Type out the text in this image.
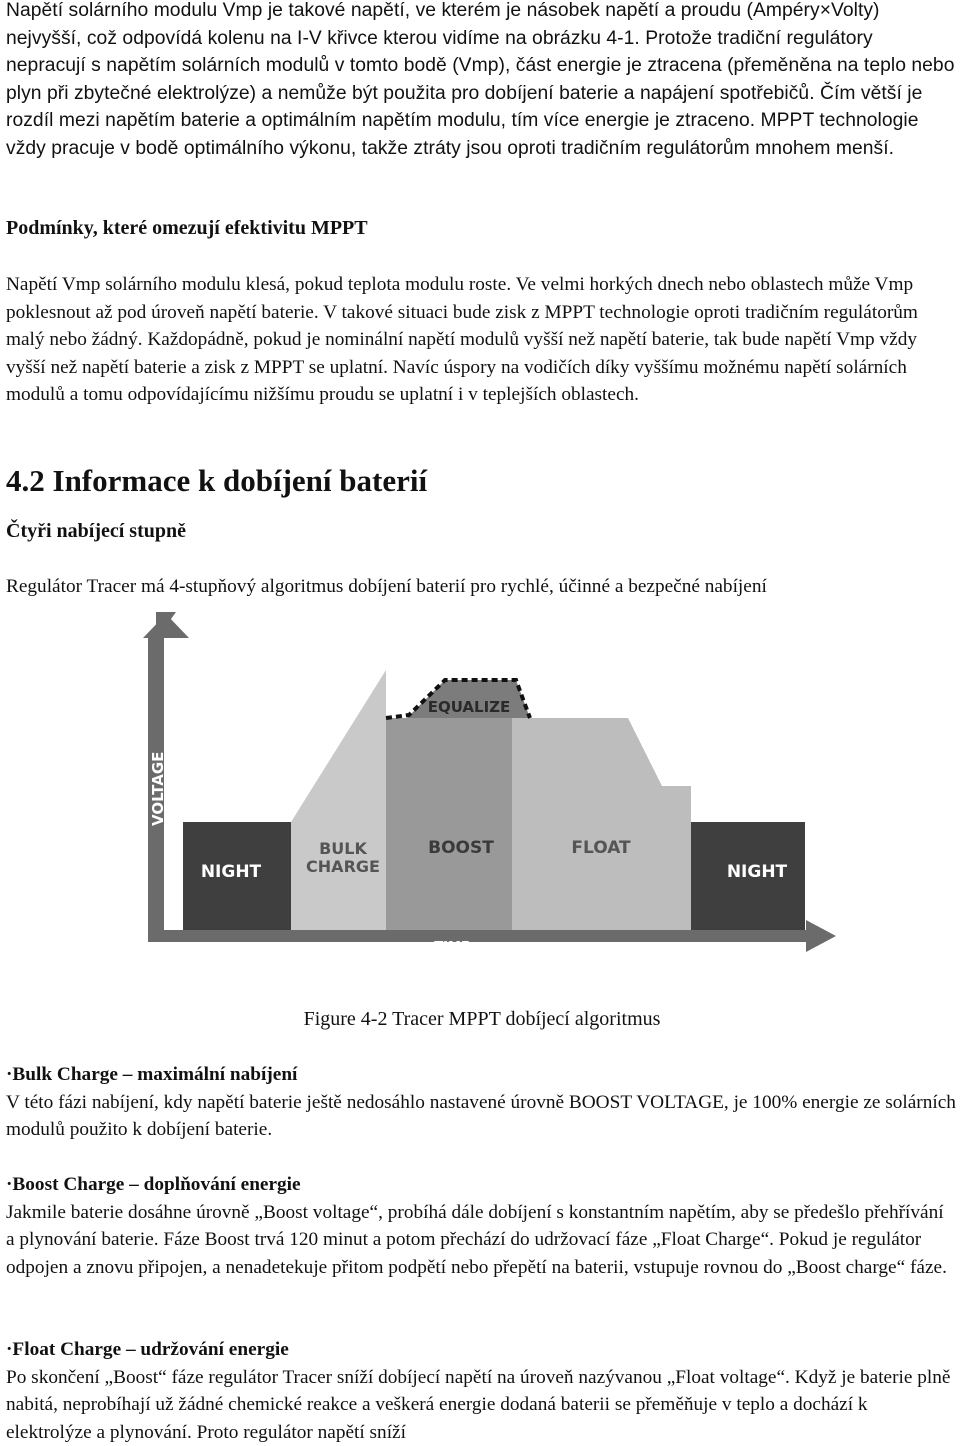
Napětí solárního modulu Vmp je takové napětí, ve kterém je násobek napětí a proudu (Ampéry×Volty) nejvyšší, což odpovídá kolenu na I-V křivce kterou vidíme na obrázku 4-1. Protože tradiční regulátory nepracují s napětím solárních modulů v tomto bodě (Vmp), část energie je ztracena (přeměněna na teplo nebo plyn při zbytečné elektrolýze) a nemůže být použita pro dobíjení baterie a napájení spotřebičů. Čím větší je rozdíl mezi napětím baterie a optimálním napětím modulu, tím více energie je ztraceno. MPPT technologie vždy pracuje v bodě optimálního výkonu, takže ztráty jsou oproti tradičním regulátorům mnohem menší.

Podmínky, které omezují efektivitu MPPT

Napětí Vmp solárního modulu klesá, pokud teplota modulu roste. Ve velmi horkých dnech nebo oblastech může Vmp poklesnout až pod úroveň napětí baterie. V takové situaci bude zisk z MPPT technologie oproti tradičním regulátorům malý nebo žádný. Každopádně, pokud je nominální napětí modulů vyšší než napětí baterie, tak bude napětí Vmp vždy vyšší než napětí baterie a zisk z MPPT se uplatní. Navíc úspory na vodičích díky vyššímu možnému napětí solárních modulů a tomu odpovídajícímu nižšímu proudu se uplatní i v teplejších oblastech.

4.2 Informace k dobíjení baterií
Čtyři nabíjecí stupně

Regulátor Tracer má 4-stupňový algoritmus dobíjení baterií pro rychlé, účinné a bezpečné nabíjení

VOLTAGE
TIME
NIGHT
BULK
CHARGE
BOOST	FLOAT
NIGHT
EQUALIZE

Figure 4-2 Tracer MPPT dobíjecí algoritmus

·Bulk Charge – maximální nabíjení
V této fázi nabíjení, kdy napětí baterie ještě nedosáhlo nastavené úrovně BOOST VOLTAGE, je 100% energie ze solárních modulů použito k dobíjení baterie.
·Boost Charge – doplňování energie
Jakmile baterie dosáhne úrovně „Boost voltage“, probíhá dále dobíjení s konstantním napětím, aby se předešlo přehřívání a plynování baterie. Fáze Boost trvá 120 minut a potom přechází do udržovací fáze „Float Charge“. Pokud je regulátor odpojen a znovu připojen, a nenadetekuje přitom podpětí nebo přepětí na baterii, vstupuje rovnou do „Boost charge“ fáze.
·Float Charge – udržování energie
Po skončení „Boost“ fáze regulátor Tracer sníží dobíjecí napětí na úroveň nazývanou „Float voltage“. Když je baterie plně nabitá, neprobíhají už žádné chemické reakce a veškerá energie dodaná baterii se přeměňuje v teplo a dochází k elektrolýze a plynování. Proto regulátor napětí sníží
